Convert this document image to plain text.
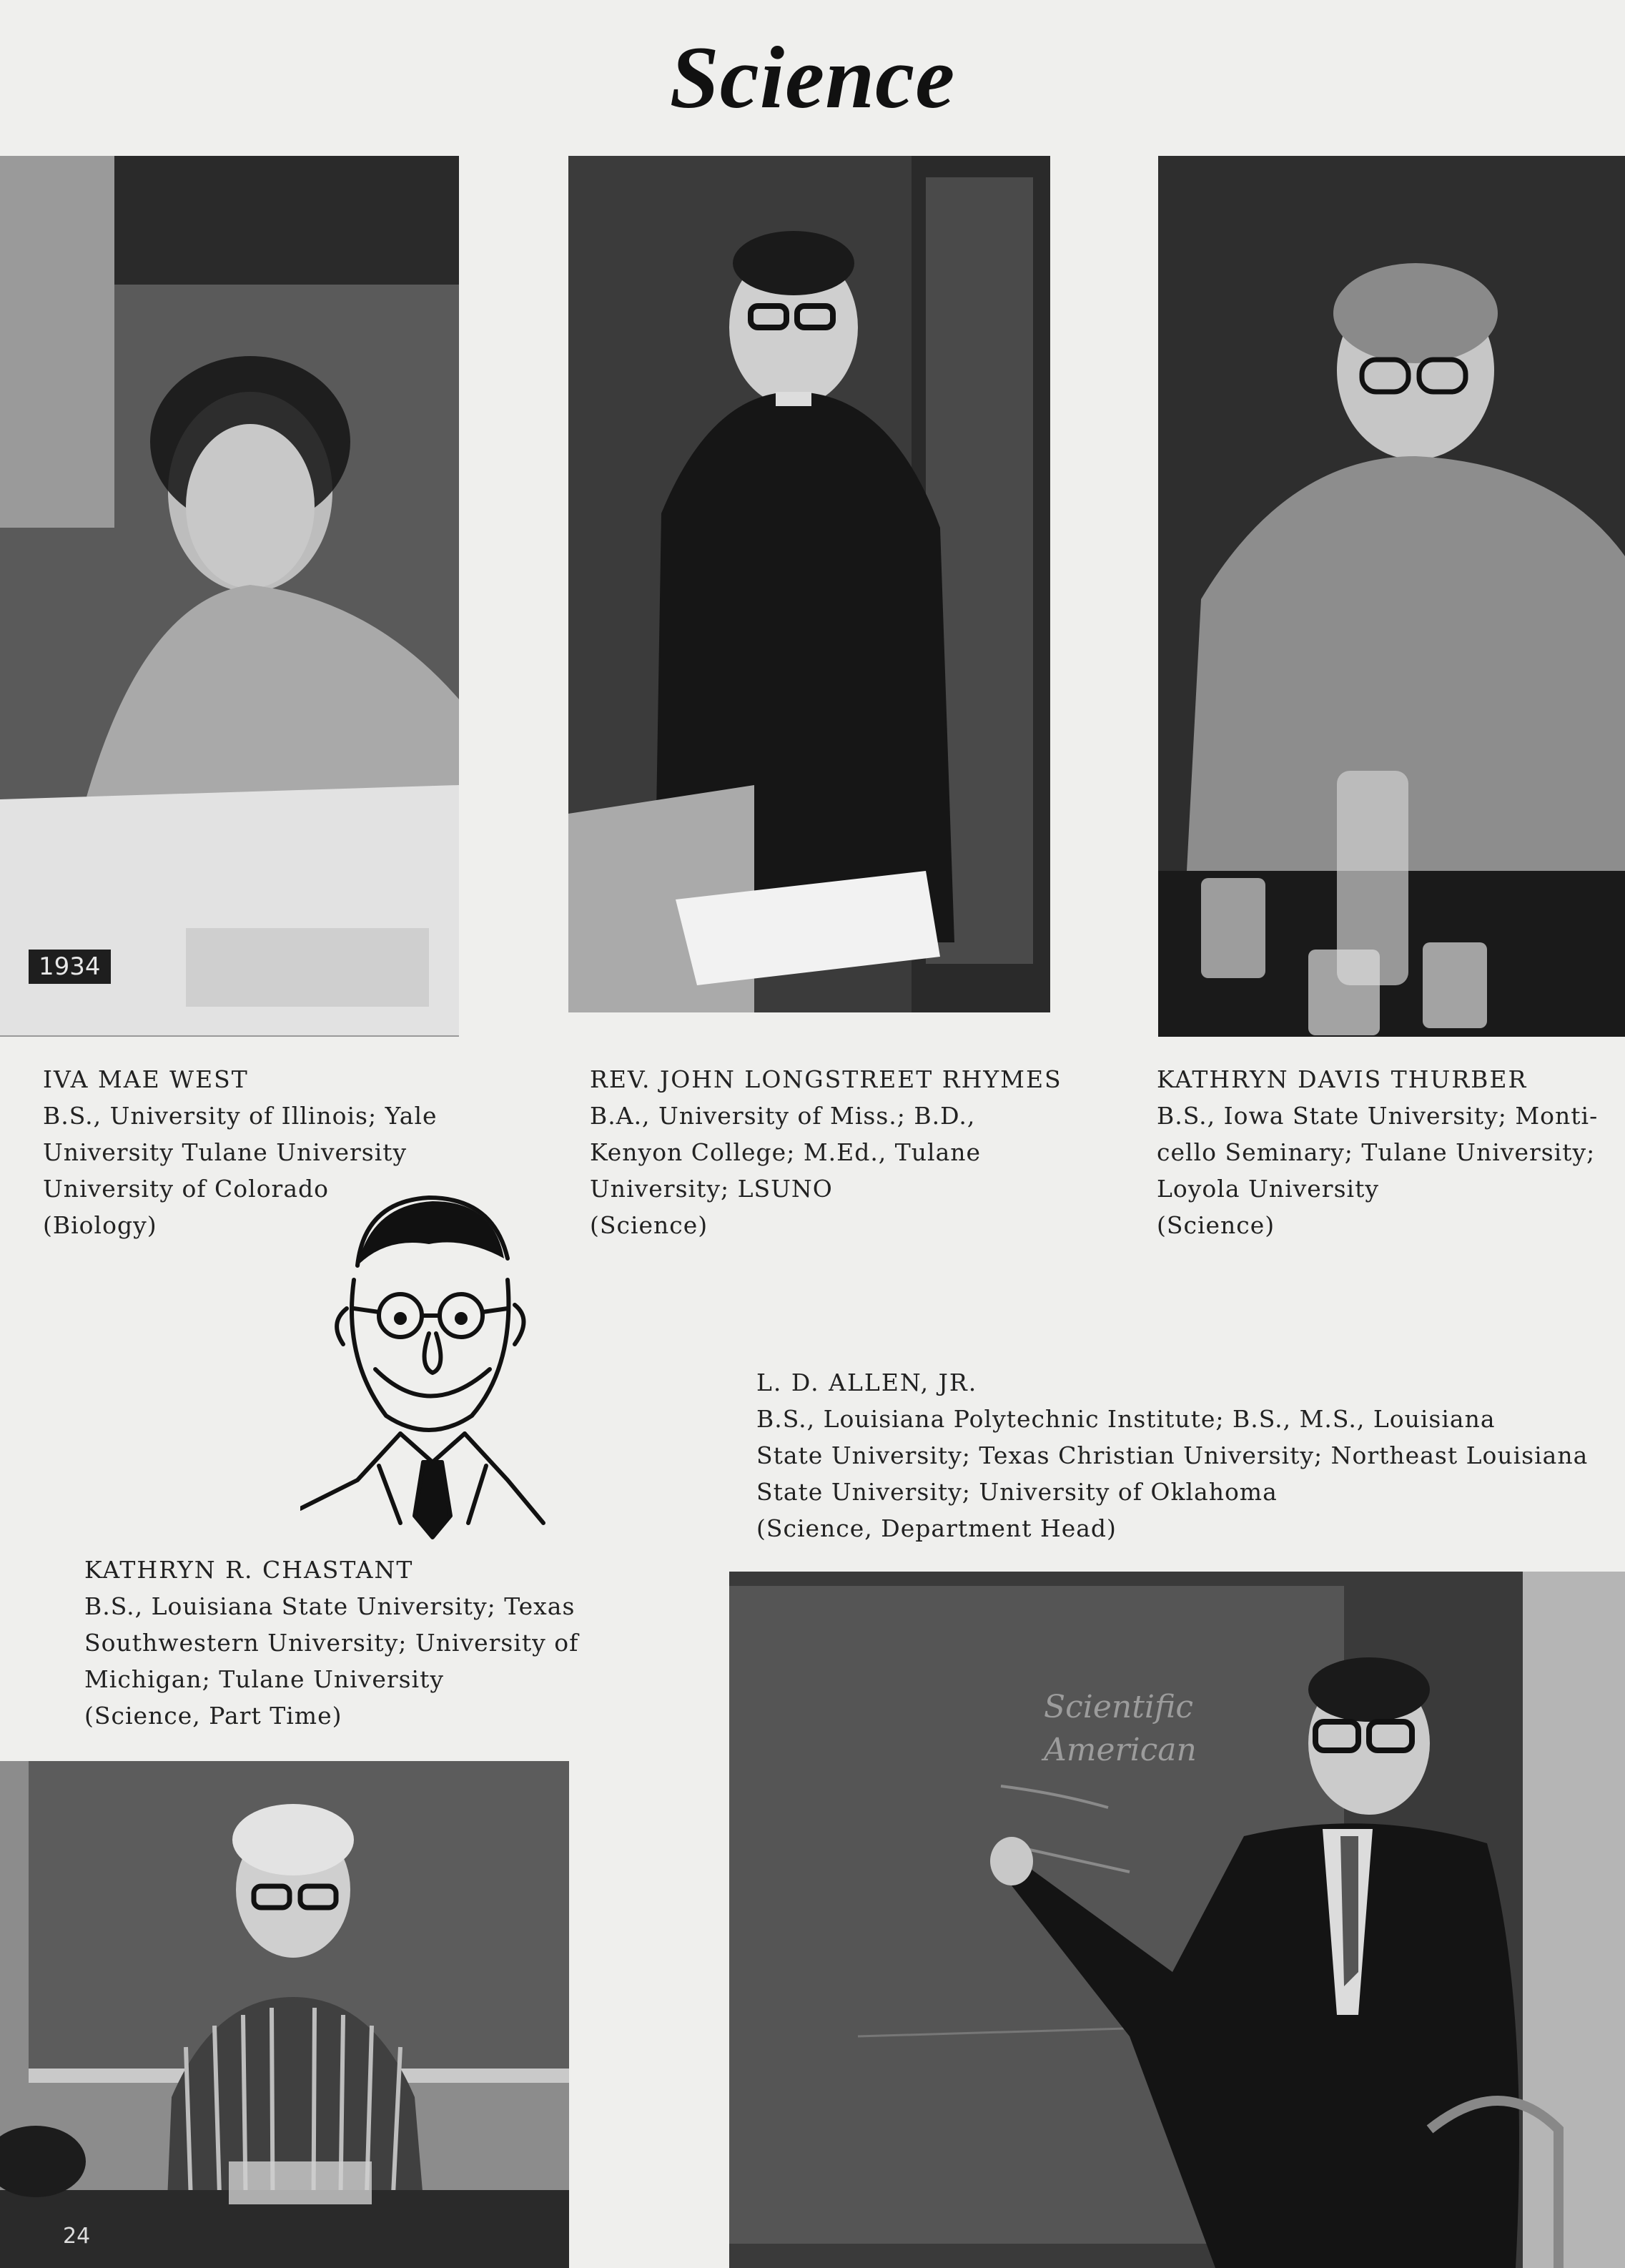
Science
1934
IVA MAE WEST
B.S., University of Illinois; Yale
University Tulane University
University of Colorado
(Biology)
REV. JOHN LONGSTREET RHYMES
B.A., University of Miss.; B.D.,
Kenyon College; M.Ed., Tulane
University; LSUNO
(Science)
KATHRYN DAVIS THURBER
B.S., Iowa State University; Monti-
cello Seminary; Tulane University;
Loyola University
(Science)
L. D. ALLEN, JR.
B.S., Louisiana Polytechnic Institute; B.S., M.S., Louisiana
State University; Texas Christian University; Northeast Louisiana
State University; University of Oklahoma
(Science, Department Head)
KATHRYN R. CHASTANT
B.S., Louisiana State University; Texas
Southwestern University; University of
Michigan; Tulane University
(Science, Part Time)	Scientific American
24
